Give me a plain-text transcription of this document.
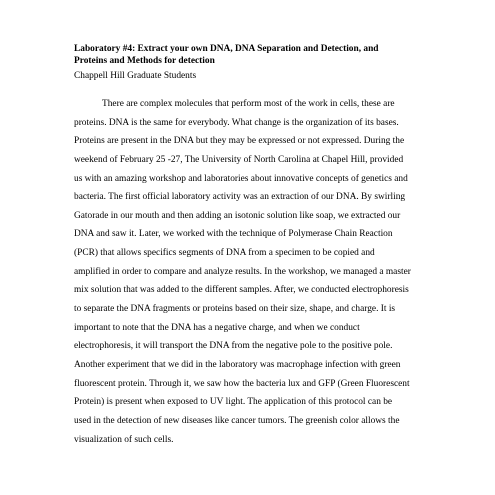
Laboratory #4: Extract your own DNA, DNA Separation and Detection, and
Proteins and Methods for detection

Chappell Hill Graduate Students

There are complex molecules that perform most of the work in cells, these are
proteins. DNA is the same for everybody. What change is the organization of its bases.
Proteins are present in the DNA but they may be expressed or not expressed. During the
weekend of February 25 -27, The University of North Carolina at Chapel Hill, provided
us with an amazing workshop and laboratories about innovative concepts of genetics and
bacteria. The first official laboratory activity was an extraction of our DNA. By swirling
Gatorade in our mouth and then adding an isotonic solution like soap, we extracted our
DNA and saw it. Later, we worked with the technique of Polymerase Chain Reaction
(PCR) that allows specifics segments of DNA from a specimen to be copied and
amplified in order to compare and analyze results. In the workshop, we managed a master
mix solution that was added to the different samples. After, we conducted electrophoresis
to separate the DNA fragments or proteins based on their size, shape, and charge. It is
important to note that the DNA has a negative charge, and when we conduct
electrophoresis, it will transport the DNA from the negative pole to the positive pole.
Another experiment that we did in the laboratory was macrophage infection with green
fluorescent protein. Through it, we saw how the bacteria lux and GFP (Green Fluorescent
Protein) is present when exposed to UV light. The application of this protocol can be
used in the detection of new diseases like cancer tumors. The greenish color allows the
visualization of such cells.
